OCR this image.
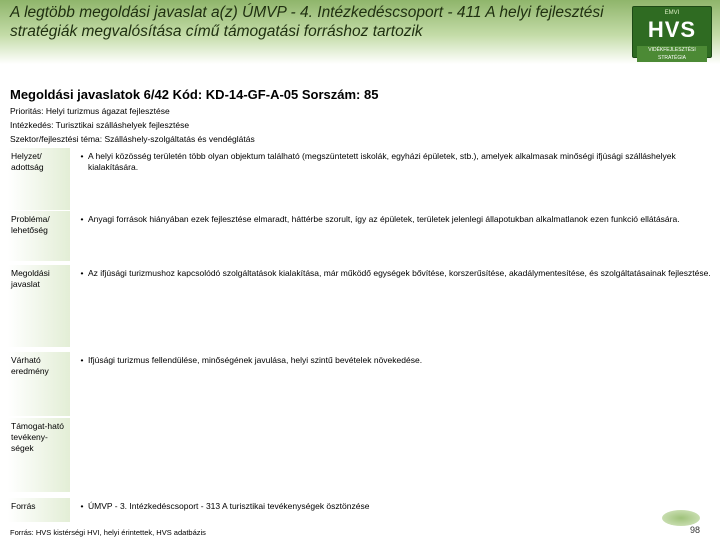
A legtöbb megoldási javaslat a(z) ÚMVP - 4. Intézkedéscsoport - 411 A helyi fejlesztési stratégiák megvalósítása című támogatási forráshoz tartozik
EMVI
HVS
VIDÉKFEJLESZTÉSI STRATÉGIA
Megoldási javaslatok 6/42 Kód: KD-14-GF-A-05 Sorszám: 85
Prioritás: Helyi turizmus ágazat fejlesztése
Intézkedés: Turisztikai szálláshelyek fejlesztése
Szektor/fejlesztési téma: Szálláshely-szolgáltatás és vendéglátás
Helyzet/ adottság
• A helyi közösség területén több olyan objektum található (megszüntetett iskolák, egyházi épületek, stb.), amelyek alkalmasak minőségi ifjúsági szálláshelyek kialakítására.
Probléma/ lehetőség
• Anyagi források hiányában ezek fejlesztése elmaradt, háttérbe szorult, így az épületek, területek jelenlegi állapotukban alkalmatlanok ezen funkció ellátására.
Megoldási javaslat
• Az ifjúsági turizmushoz kapcsolódó szolgáltatások kialakítása, már működő egységek bővítése, korszerűsítése, akadálymentesítése, és szolgáltatásainak fejlesztése.
Várható eredmény
• Ifjúsági turizmus fellendülése, minőségének javulása, helyi szintű bevételek növekedése.
Támogat-ható tevékeny-ségek
Forrás	• ÚMVP - 3. Intézkedéscsoport - 313 A turisztikai tevékenységek ösztönzése
Forrás: HVS kistérségi HVI, helyi érintettek, HVS adatbázis	98
